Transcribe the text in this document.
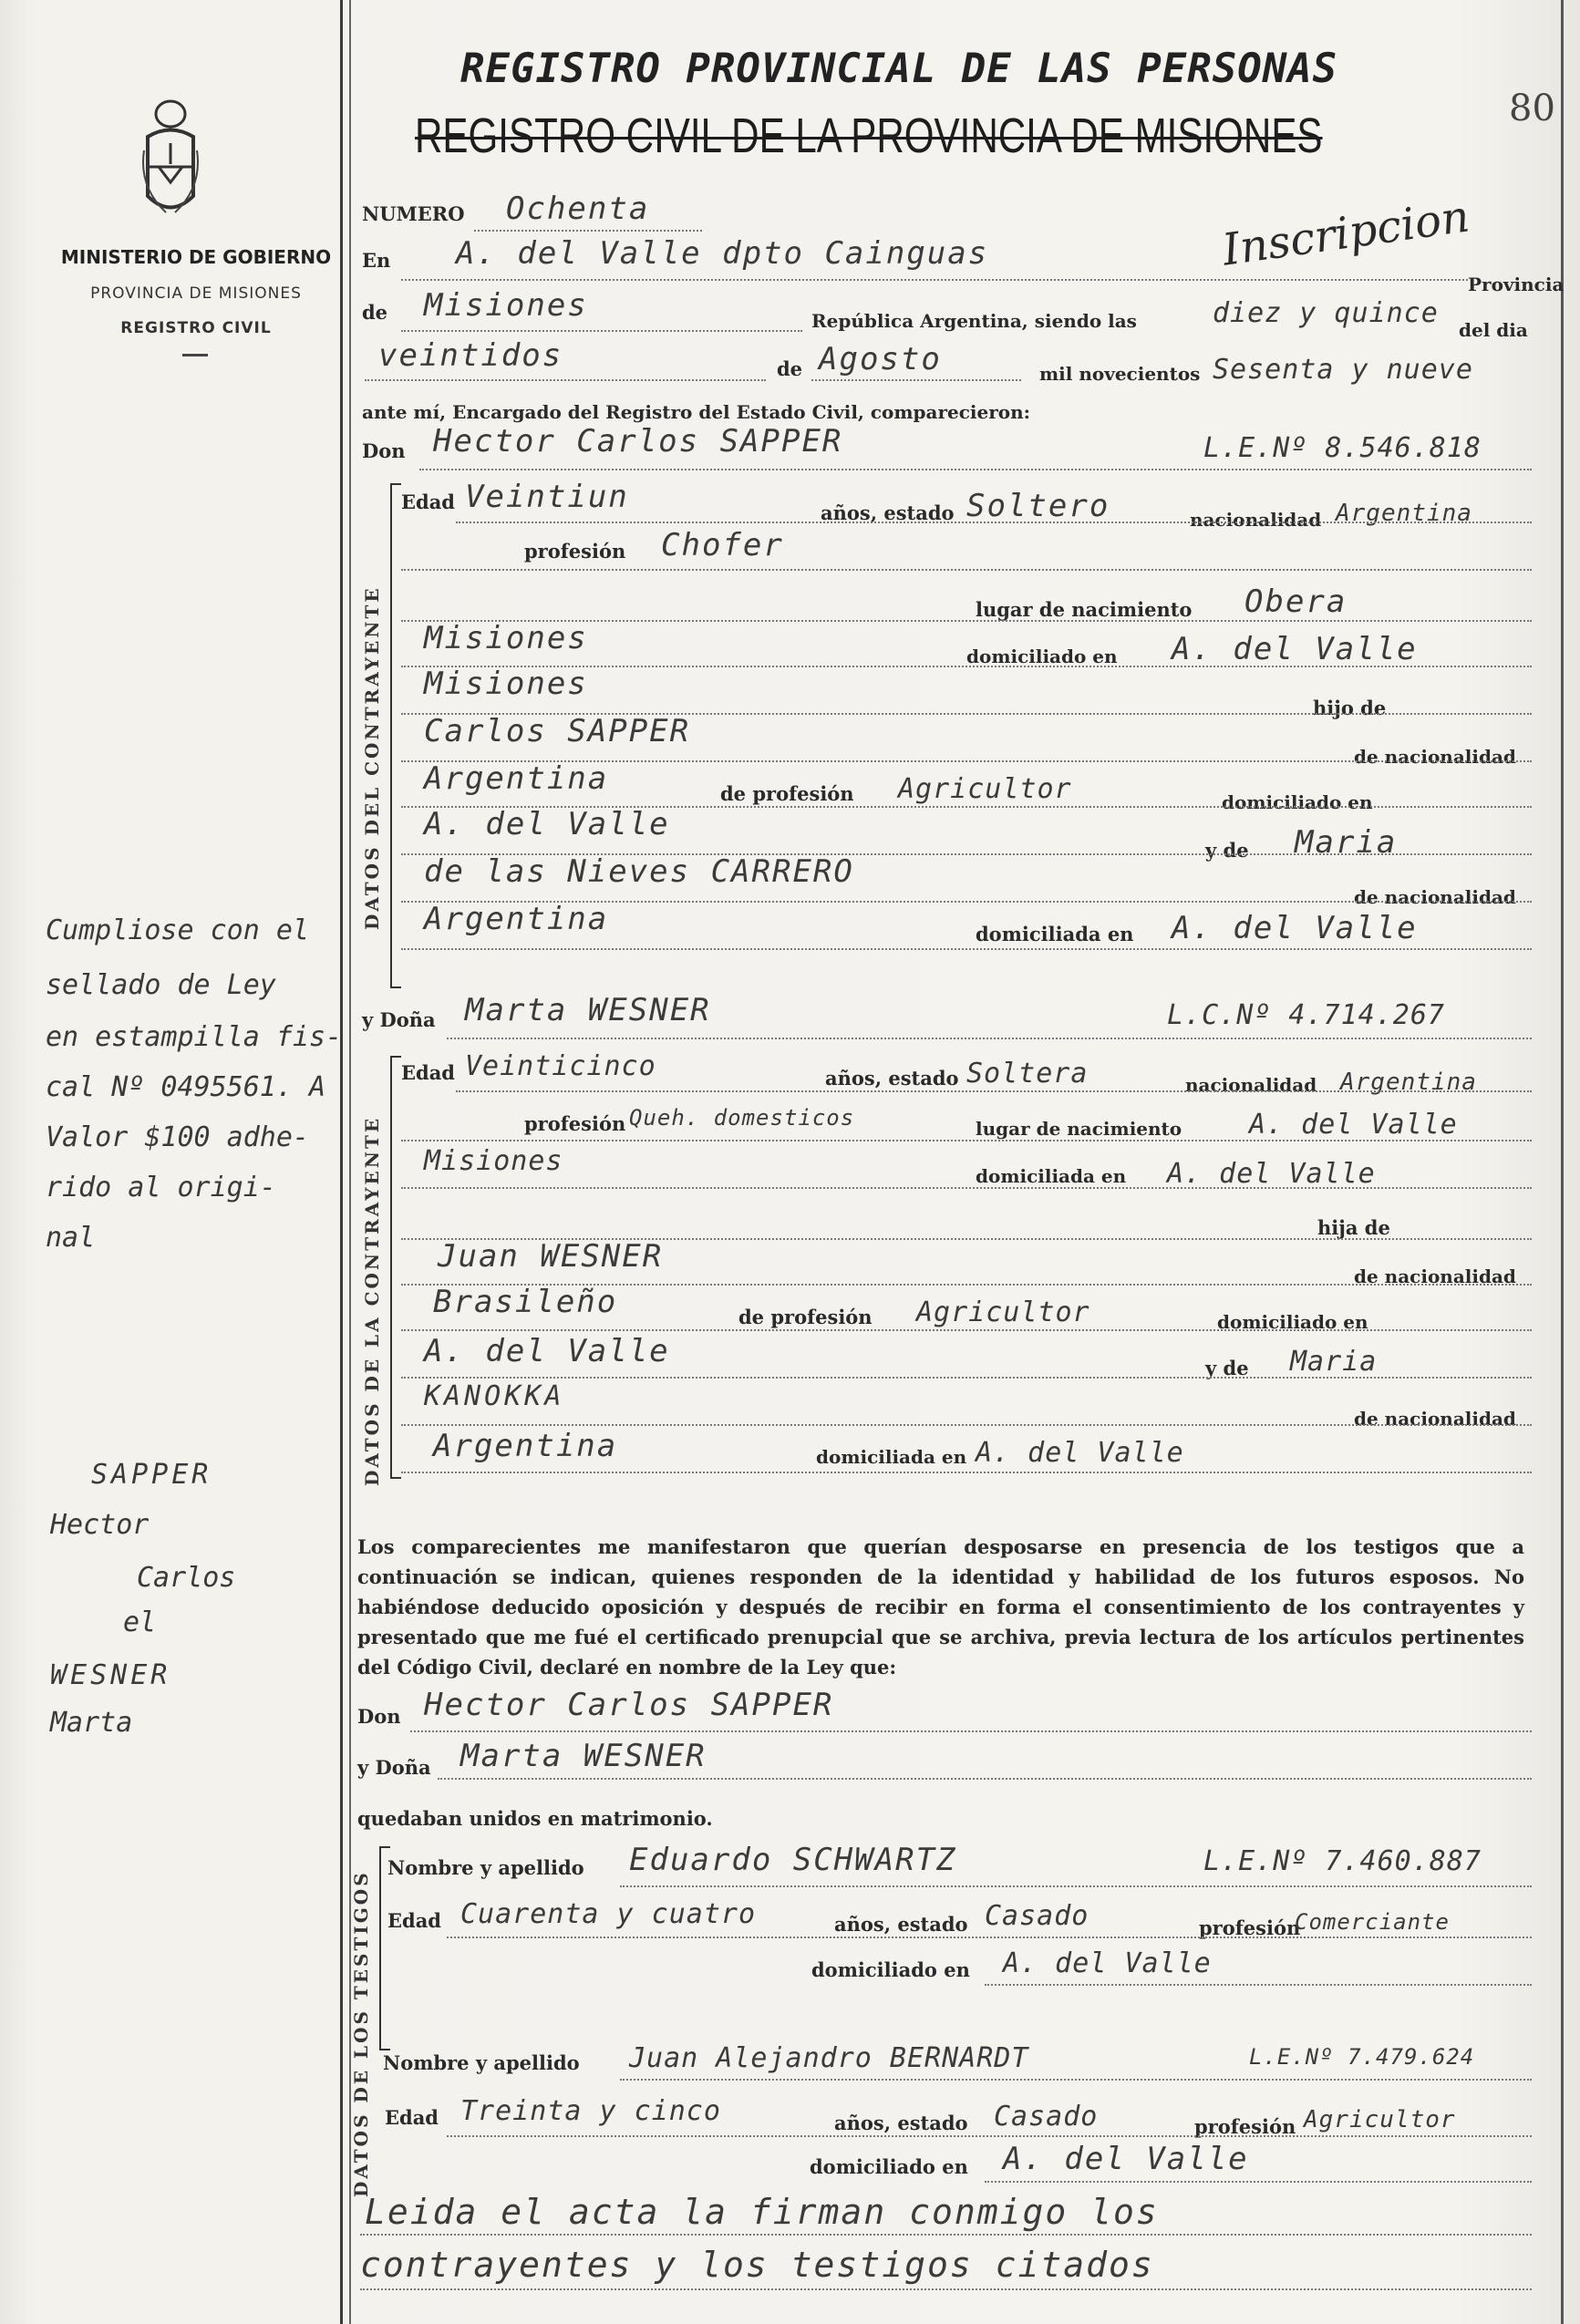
MINISTERIO DE GOBIERNO
PROVINCIA DE MISIONES
REGISTRO CIVIL
Cumpliose con el
sellado de Ley
en estampilla fis-
cal Nº 0495561. A
Valor $100 adhe-
rido al origi-
nal
SAPPER
Hector
Carlos
el
WESNER
Marta
REGISTRO PROVINCIAL DE LAS PERSONAS
REGISTRO CIVIL DE LA PROVINCIA DE MISIONES	80
NUMERO Ochenta	Inscripcion
En A. del Valle dpto Cainguas
Provincia
de Misiones	República Argentina, siendo las	diez y quince
del dia
veintidos	de Agosto	mil novecientos Sesenta y nueve
ante mí, Encargado del Registro del Estado Civil, comparecieron:
Don Hector Carlos SAPPER	L.E.Nº 8.546.818
DATOS DEL CONTRAYENTE
Edad Veintiun	años, estado Soltero	nacionalidad Argentina
profesión Chofer
lugar de nacimiento Obera
Misiones	domiciliado en A. del Valle
Misiones
hijo de
Carlos SAPPER
de nacionalidad
Argentina	de profesión Agricultor	domiciliado en
A. del Valle
y de Maria
de las Nieves CARRERO
de nacionalidad
Argentina	domiciliada en A. del Valle
y Doña Marta WESNER	L.C.Nº 4.714.267
DATOS DE LA CONTRAYENTE
Edad Veinticinco	años, estado Soltera	nacionalidad Argentina
profesión Queh. domesticos	lugar de nacimiento A. del Valle
Misiones	domiciliada en A. del Valle
hija de
Juan WESNER
de nacionalidad
Brasileño	de profesión Agricultor	domiciliado en
A. del Valle	y de Maria
KANOKKA
de nacionalidad
Argentina	domiciliada en A. del Valle
Los comparecientes me manifestaron que querían desposarse en presencia de los testigos que a continuación se indican, quienes responden de la identidad y habilidad de los futuros esposos. No habiéndose deducido oposición y después de recibir en forma el consentimiento de los contrayentes y presentado que me fué el certificado prenupcial que se archiva, previa lectura de los artículos pertinentes del Código Civil, declaré en nombre de la Ley que:
Don Hector Carlos SAPPER
y Doña Marta WESNER
quedaban unidos en matrimonio.
DATOS DE LOS TESTIGOS
Nombre y apellido Eduardo SCHWARTZ	L.E.Nº 7.460.887
Edad Cuarenta y cuatro	años, estado Casado	profesión
Comerciante
domiciliado en A. del Valle
Nombre y apellido Juan Alejandro BERNARDT	L.E.Nº 7.479.624
Edad Treinta y cinco	años, estado Casado	profesión Agricultor
domiciliado en A. del Valle
Leida el acta la firman conmigo los
contrayentes y los testigos citados
